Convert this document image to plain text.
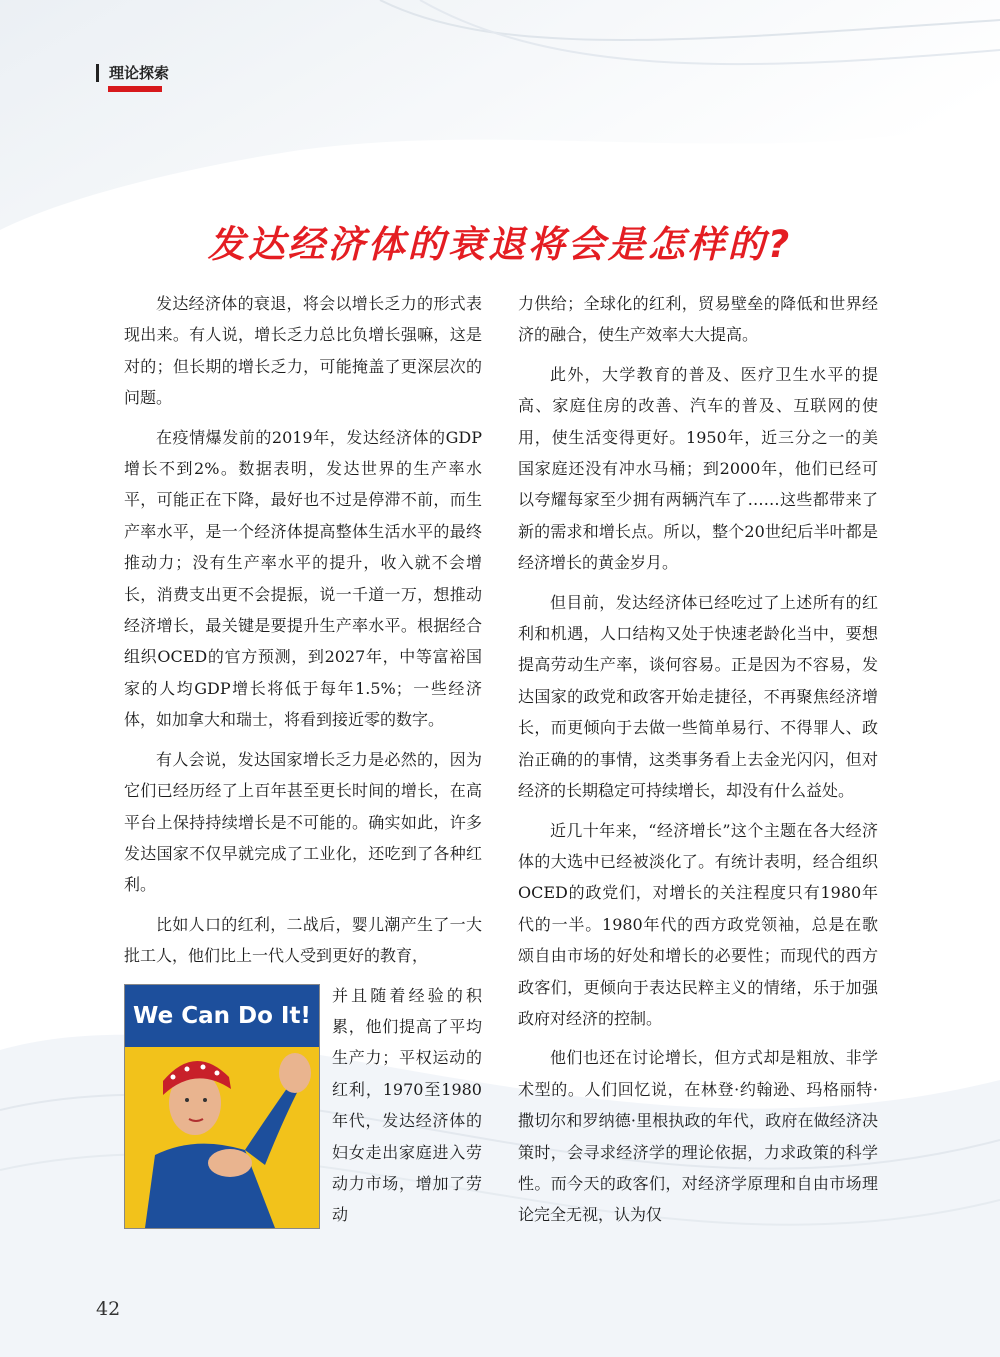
理论探索
发达经济体的衰退将会是怎样的?

发达经济体的衰退，将会以增长乏力的形式表现出来。有人说，增长乏力总比负增长强嘛，这是对的；但长期的增长乏力，可能掩盖了更深层次的问题。

在疫情爆发前的2019年，发达经济体的GDP增长不到2%。数据表明，发达世界的生产率水平，可能正在下降，最好也不过是停滞不前，而生产率水平，是一个经济体提高整体生活水平的最终推动力；没有生产率水平的提升，收入就不会增长，消费支出更不会提振，说一千道一万，想推动经济增长，最关键是要提升生产率水平。根据经合组织OCED的官方预测，到2027年，中等富裕国家的人均GDP增长将低于每年1.5%；一些经济体，如加拿大和瑞士，将看到接近零的数字。

有人会说，发达国家增长乏力是必然的，因为它们已经历经了上百年甚至更长时间的增长，在高平台上保持持续增长是不可能的。确实如此，许多发达国家不仅早就完成了工业化，还吃到了各种红利。

比如人口的红利，二战后，婴儿潮产生了一大批工人，他们比上一代人受到更好的教育，

We Can Do It!

并且随着经验的积累，他们提高了平均生产力；平权运动的红利，1970至1980年代，发达经济体的妇女走出家庭进入劳动力市场，增加了劳动

力供给；全球化的红利，贸易壁垒的降低和世界经济的融合，使生产效率大大提高。

此外，大学教育的普及、医疗卫生水平的提高、家庭住房的改善、汽车的普及、互联网的使用，使生活变得更好。1950年，近三分之一的美国家庭还没有冲水马桶；到2000年，他们已经可以夸耀每家至少拥有两辆汽车了……这些都带来了新的需求和增长点。所以，整个20世纪后半叶都是经济增长的黄金岁月。

但目前，发达经济体已经吃过了上述所有的红利和机遇，人口结构又处于快速老龄化当中，要想提高劳动生产率，谈何容易。正是因为不容易，发达国家的政党和政客开始走捷径，不再聚焦经济增长，而更倾向于去做一些简单易行、不得罪人、政治正确的的事情，这类事务看上去金光闪闪，但对经济的长期稳定可持续增长，却没有什么益处。

近几十年来，“经济增长”这个主题在各大经济体的大选中已经被淡化了。有统计表明，经合组织OCED的政党们，对增长的关注程度只有1980年代的一半。1980年代的西方政党领袖，总是在歌颂自由市场的好处和增长的必要性；而现代的西方政客们，更倾向于表达民粹主义的情绪，乐于加强政府对经济的控制。

他们也还在讨论增长，但方式却是粗放、非学术型的。人们回忆说，在林登·约翰逊、玛格丽特·撒切尔和罗纳德·里根执政的年代，政府在做经济决策时，会寻求经济学的理论依据，力求政策的科学性。而今天的政客们，对经济学原理和自由市场理论完全无视，认为仅

42
